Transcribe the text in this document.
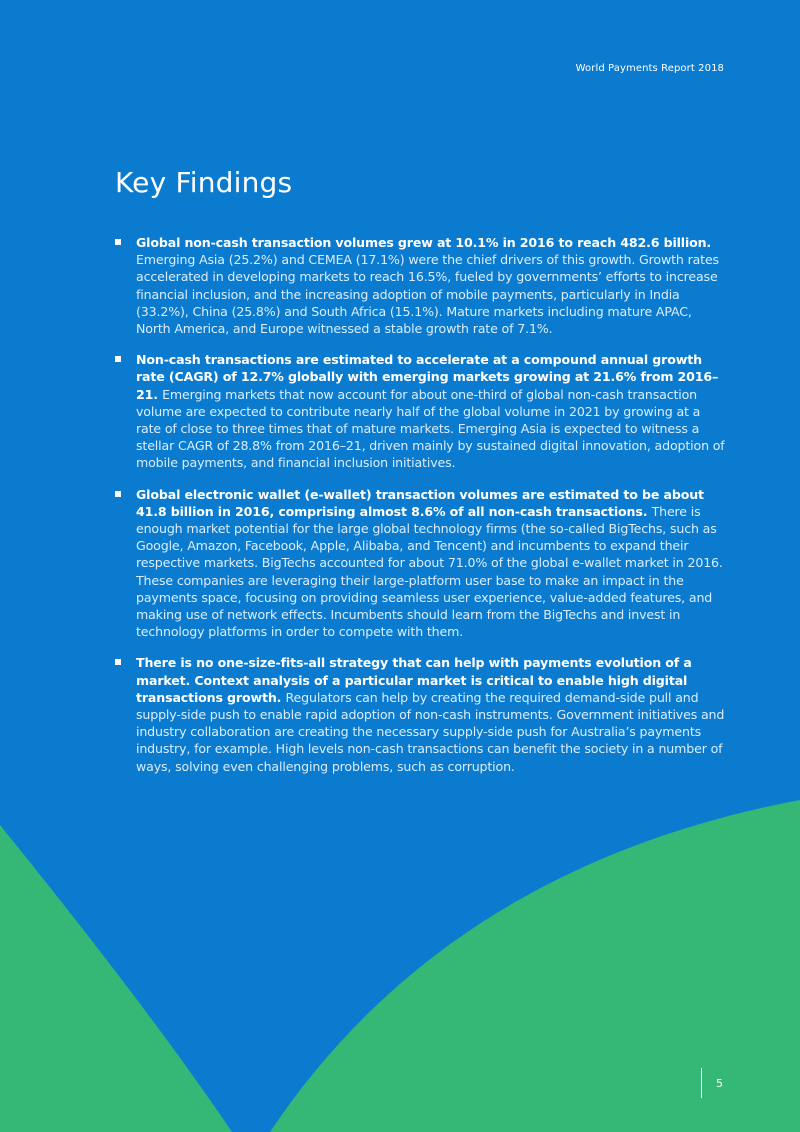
World Payments Report 2018
Key Findings
Global non-cash transaction volumes grew at 10.1% in 2016 to reach 482.6 billion. Emerging Asia (25.2%) and CEMEA (17.1%) were the chief drivers of this growth. Growth rates accelerated in developing markets to reach 16.5%, fueled by governments’ efforts to increase financial inclusion, and the increasing adoption of mobile payments, particularly in India (33.2%), China (25.8%) and South Africa (15.1%). Mature markets including mature APAC, North America, and Europe witnessed a stable growth rate of 7.1%.
Non-cash transactions are estimated to accelerate at a compound annual growth rate (CAGR) of 12.7% globally with emerging markets growing at 21.6% from 2016–21. Emerging markets that now account for about one-third of global non-cash transaction volume are expected to contribute nearly half of the global volume in 2021 by growing at a rate of close to three times that of mature markets. Emerging Asia is expected to witness a stellar CAGR of 28.8% from 2016–21, driven mainly by sustained digital innovation, adoption of mobile payments, and financial inclusion initiatives.
Global electronic wallet (e-wallet) transaction volumes are estimated to be about 41.8 billion in 2016, comprising almost 8.6% of all non-cash transactions. There is enough market potential for the large global technology firms (the so-called BigTechs, such as Google, Amazon, Facebook, Apple, Alibaba, and Tencent) and incumbents to expand their respective markets. BigTechs accounted for about 71.0% of the global e-wallet market in 2016. These companies are leveraging their large-platform user base to make an impact in the payments space, focusing on providing seamless user experience, value-added features, and making use of network effects. Incumbents should learn from the BigTechs and invest in technology platforms in order to compete with them.
There is no one-size-fits-all strategy that can help with payments evolution of a market. Context analysis of a particular market is critical to enable high digital transactions growth. Regulators can help by creating the required demand-side pull and supply-side push to enable rapid adoption of non-cash instruments. Government initiatives and industry collaboration are creating the necessary supply-side push for Australia’s payments industry, for example. High levels non-cash transactions can benefit the society in a number of ways, solving even challenging problems, such as corruption.
5
